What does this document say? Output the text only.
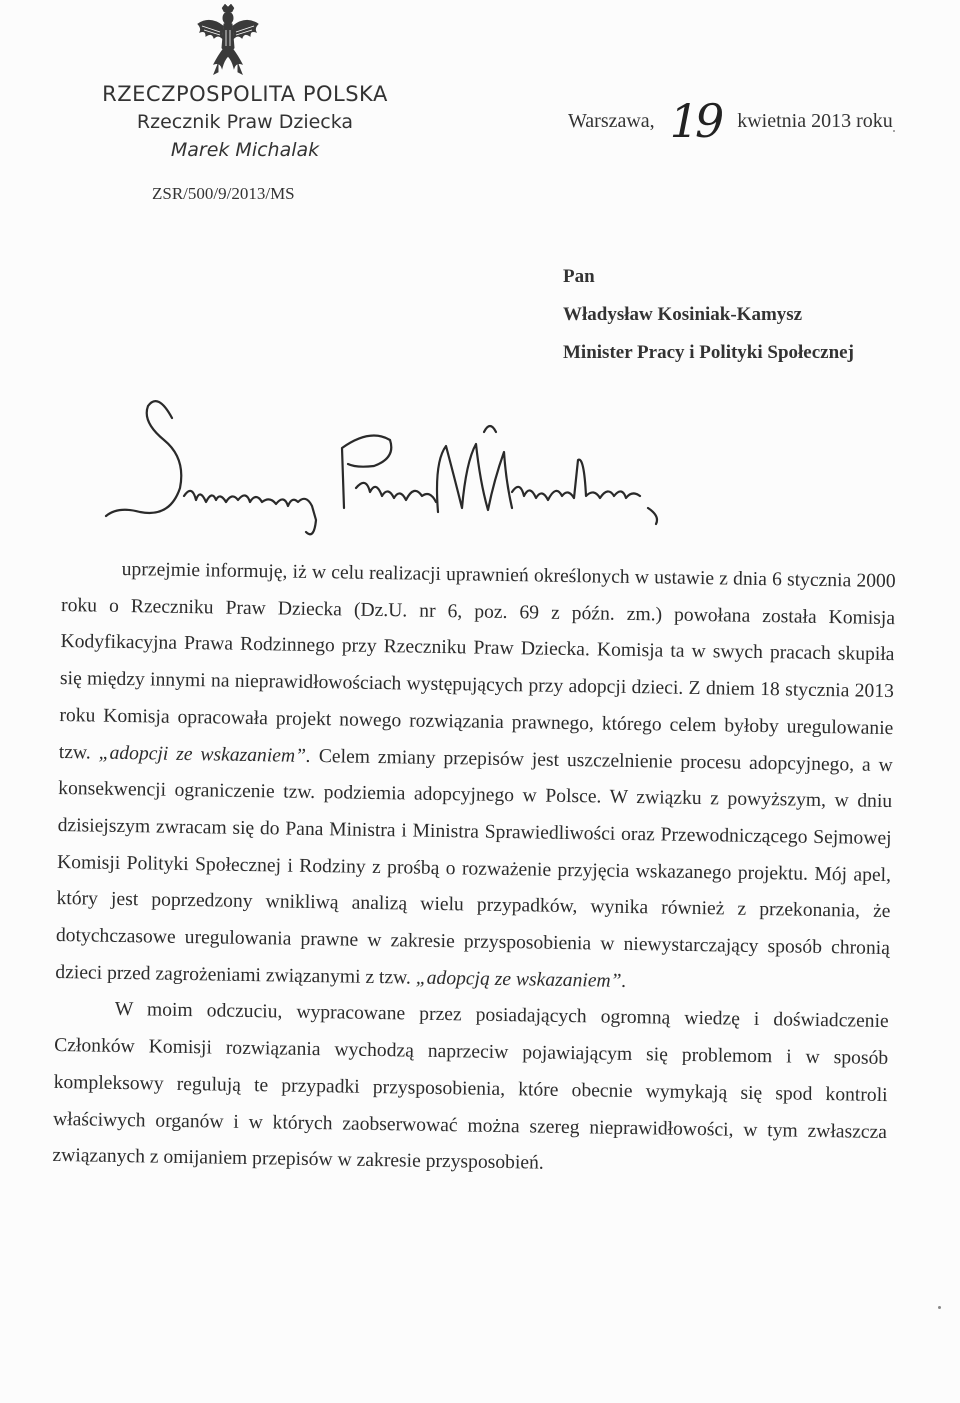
RZECZPOSPOLITA POLSKA
Rzecznik Praw Dziecka
Marek Michalak
Warszawa, 19 kwietnia 2013 roku
ZSR/500/9/2013/MS
Pan
Władysław Kosiniak-Kamysz
Minister Pracy i Polityki Społecznej

uprzejmie informuję, iż w celu realizacji uprawnień określonych w ustawie z dnia 6 stycznia 2000 roku o Rzeczniku Praw Dziecka (Dz.U. nr 6, poz. 69 z późn. zm.) powołana została Komisja Kodyfikacyjna Prawa Rodzinnego przy Rzeczniku Praw Dziecka. Komisja ta w swych pracach skupiła się między innymi na nieprawidłowościach występujących przy adopcji dzieci. Z dniem 18 stycznia 2013 roku Komisja opracowała projekt nowego rozwiązania prawnego, którego celem byłoby uregulowanie tzw. „adopcji ze wskazaniem”. Celem zmiany przepisów jest uszczelnienie procesu adopcyjnego, a w konsekwencji ograniczenie tzw. podziemia adopcyjnego w Polsce. W związku z powyższym, w dniu dzisiejszym zwracam się do Pana Ministra i Ministra Sprawiedliwości oraz Przewodniczącego Sejmowej Komisji Polityki Społecznej i Rodziny z prośbą o rozważenie przyjęcia wskazanego projektu. Mój apel, który jest poprzedzony wnikliwą analizą wielu przypadków, wynika również z przekonania, że dotychczasowe uregulowania prawne w zakresie przysposobienia w niewystarczający sposób chronią dzieci przed zagrożeniami związanymi z tzw. „adopcją ze wskazaniem”.

W moim odczuciu, wypracowane przez posiadających ogromną wiedzę i doświadczenie Członków Komisji rozwiązania wychodzą naprzeciw pojawiającym się problemom i w sposób kompleksowy regulują te przypadki przysposobienia, które obecnie wymykają się spod kontroli właściwych organów i w których zaobserwować można szereg nieprawidłowości, w tym zwłaszcza związanych z omijaniem przepisów w zakresie przysposobień.
